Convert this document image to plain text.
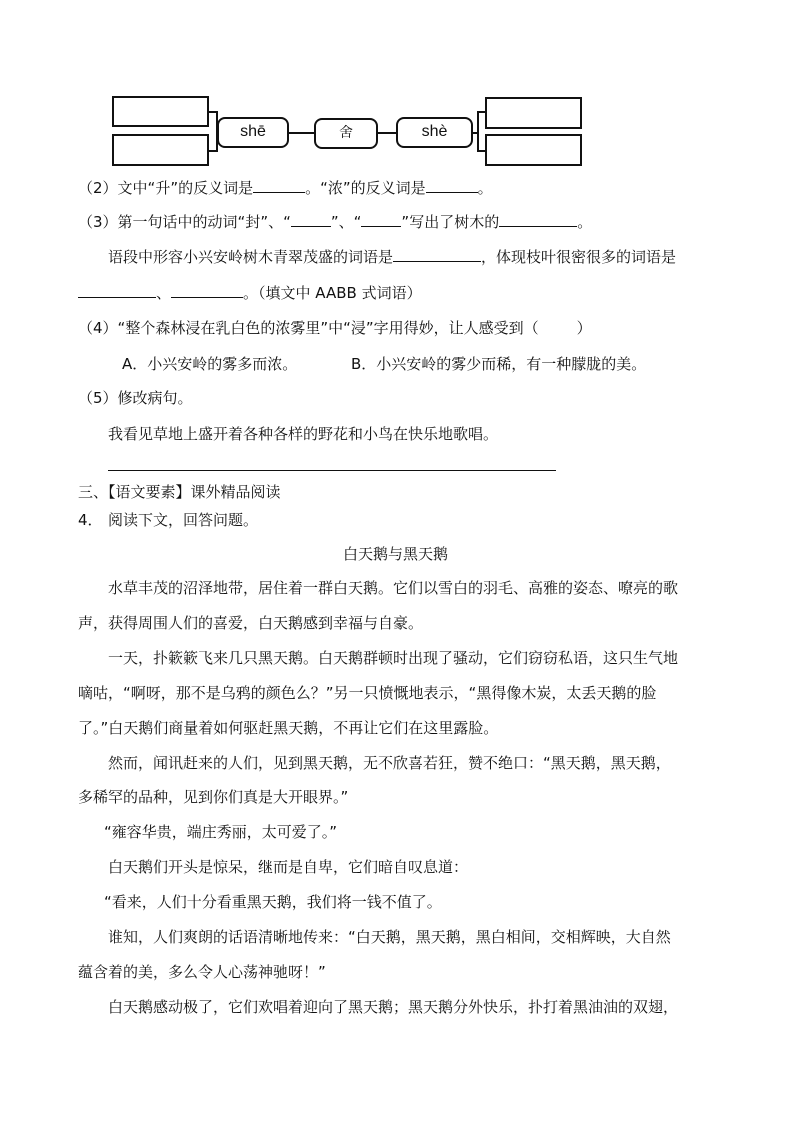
shē	舍	shè
（2）文中“升”的反义词是	。“浓”的反义词是	。
（3）第一句话中的动词“封”、“	”、“	”写出了树木的	。
语段中形容小兴安岭树木青翠茂盛的词语是	，体现枝叶很密很多的词语是
、	。（填文中 AABB 式词语）
（4）“整个森林浸在乳白色的浓雾里”中“浸”字用得妙，让人感受到（	）
A．小兴安岭的雾多而浓。	B．小兴安岭的雾少而稀，有一种朦胧的美。
（5）修改病句。
我看见草地上盛开着各种各样的野花和小鸟在快乐地歌唱。
三、【语文要素】课外精品阅读
4． 阅读下文，回答问题。
白天鹅与黑天鹅
水草丰茂的沼泽地带，居住着一群白天鹅。它们以雪白的羽毛、高雅的姿态、嘹亮的歌
声，获得周围人们的喜爱，白天鹅感到幸福与自豪。
一天，扑簌簌飞来几只黑天鹅。白天鹅群顿时出现了骚动，它们窃窃私语，这只生气地
嘀咕，“啊呀，那不是乌鸦的颜色么？”另一只愤慨地表示，“黑得像木炭，太丢天鹅的脸
了。”白天鹅们商量着如何驱赶黑天鹅，不再让它们在这里露脸。
然而，闻讯赶来的人们，见到黑天鹅，无不欣喜若狂，赞不绝口：“黑天鹅，黑天鹅，
多稀罕的品种，见到你们真是大开眼界。”
“雍容华贵，端庄秀丽，太可爱了。”
白天鹅们开头是惊呆，继而是自卑，它们暗自叹息道：
“看来，人们十分看重黑天鹅，我们将一钱不值了。
谁知，人们爽朗的话语清晰地传来：“白天鹅，黑天鹅，黑白相间，交相辉映，大自然
蕴含着的美，多么令人心荡神驰呀！”
白天鹅感动极了，它们欢唱着迎向了黑天鹅；黑天鹅分外快乐，扑打着黑油油的双翅，
